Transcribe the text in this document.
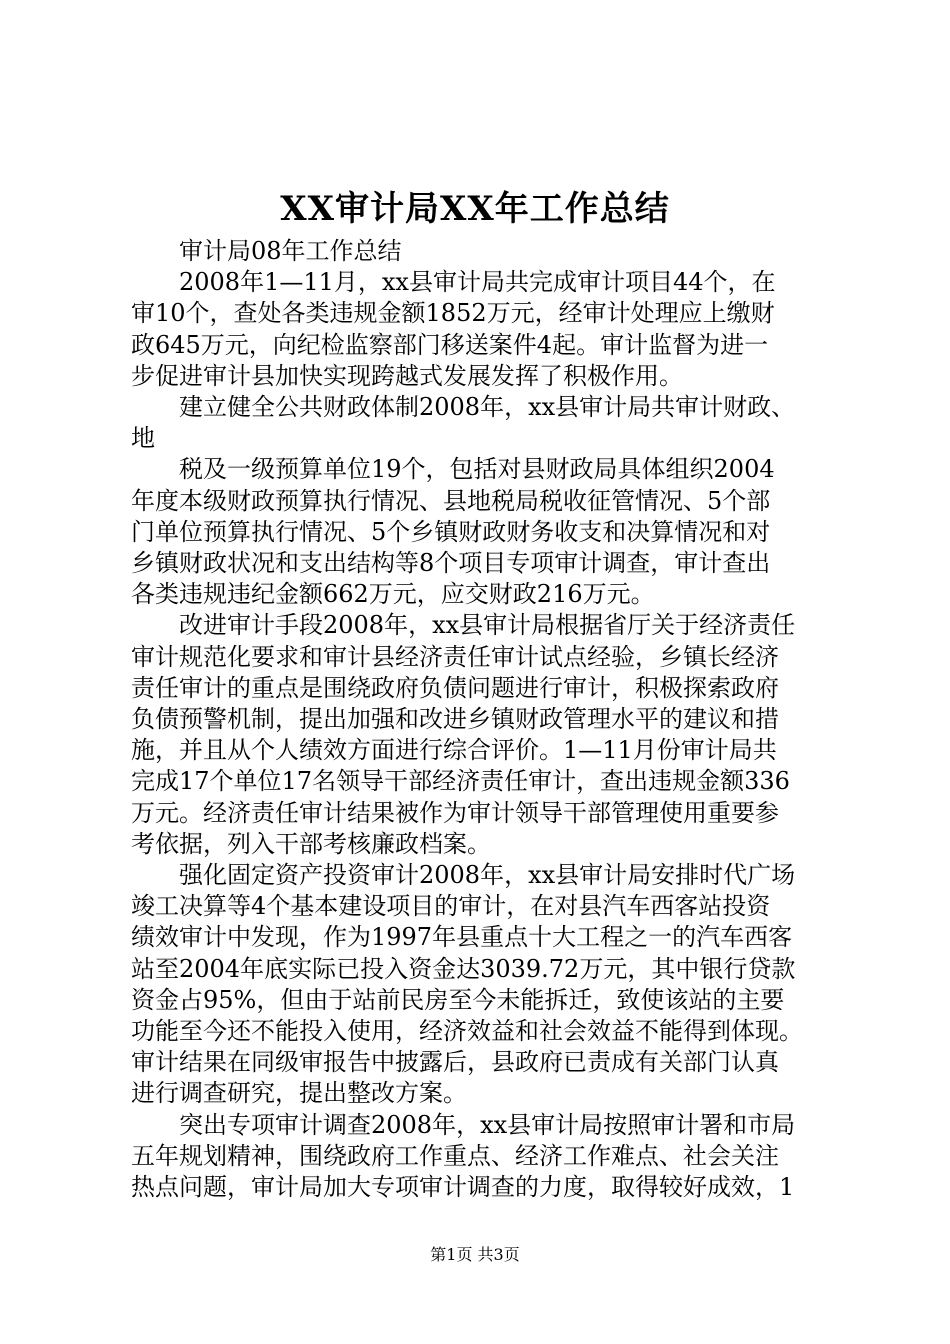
XX审计局XX年工作总结

　　审计局08年工作总结

　　2008年1—11月，xx县审计局共完成审计项目44个，在

审10个，查处各类违规金额1852万元，经审计处理应上缴财

政645万元，向纪检监察部门移送案件4起。审计监督为进一

步促进审计县加快实现跨越式发展发挥了积极作用。

　　建立健全公共财政体制2008年，xx县审计局共审计财政、

地

　　税及一级预算单位19个，包括对县财政局具体组织2004

年度本级财政预算执行情况、县地税局税收征管情况、5个部

门单位预算执行情况、5个乡镇财政财务收支和决算情况和对

乡镇财政状况和支出结构等8个项目专项审计调查，审计查出

各类违规违纪金额662万元，应交财政216万元。

　　改进审计手段2008年，xx县审计局根据省厅关于经济责任

审计规范化要求和审计县经济责任审计试点经验，乡镇长经济

责任审计的重点是围绕政府负债问题进行审计，积极探索政府

负债预警机制，提出加强和改进乡镇财政管理水平的建议和措

施，并且从个人绩效方面进行综合评价。1—11月份审计局共

完成17个单位17名领导干部经济责任审计，查出违规金额336

万元。经济责任审计结果被作为审计领导干部管理使用重要参

考依据，列入干部考核廉政档案。

　　强化固定资产投资审计2008年，xx县审计局安排时代广场

竣工决算等4个基本建设项目的审计，在对县汽车西客站投资

绩效审计中发现，作为1997年县重点十大工程之一的汽车西客

站至2004年底实际已投入资金达3039.72万元，其中银行贷款

资金占95%，但由于站前民房至今未能拆迁，致使该站的主要

功能至今还不能投入使用，经济效益和社会效益不能得到体现。

审计结果在同级审报告中披露后，县政府已责成有关部门认真

进行调查研究，提出整改方案。

　　突出专项审计调查2008年，xx县审计局按照审计署和市局

五年规划精神，围绕政府工作重点、经济工作难点、社会关注

热点问题，审计局加大专项审计调查的力度，取得较好成效，1

第1页 共3页
